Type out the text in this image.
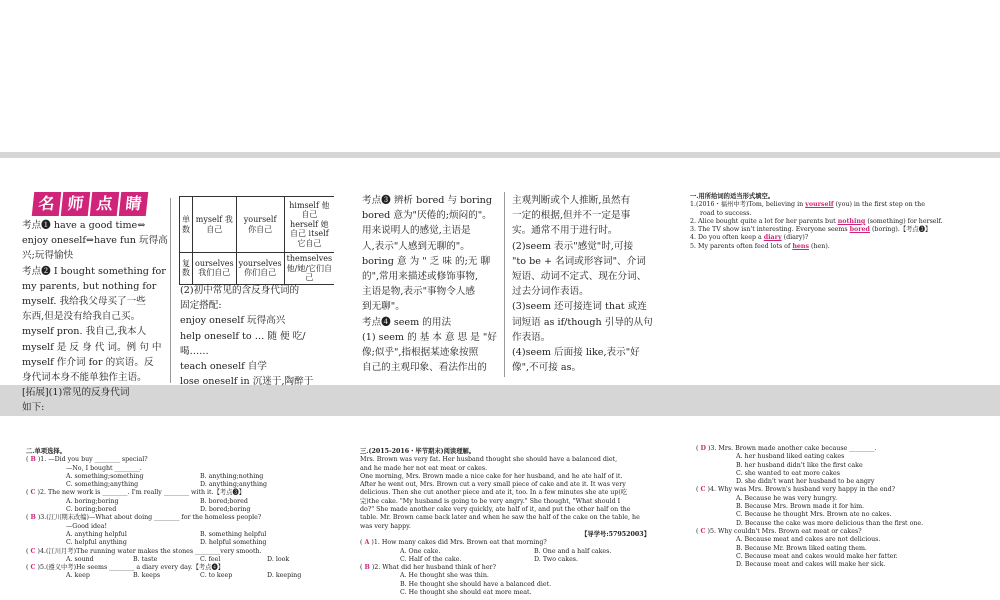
名 师 点 睛
考点❶ have a good time⇔
enjoy oneself⇔have fun 玩得高
兴;玩得愉快
考点❷ I bought something for
my parents, but nothing for
myself. 我给我父母买了一些
东西,但是没有给我自己买。
myself pron. 我自己,我本人
myself 是 反 身 代 词。例 句 中
myself 作介词 for 的宾语。反
身代词本身不能单独作主语。
[拓展](1)常见的反身代词
如下:
单数	myself 我自己	yourself 你自己	himself 他自己 herself 她自己 itself 它自己
复数	ourselves 我们自己	yourselves 你们自己	themselves 他/她/它们自己
(2)初中常见的含反身代词的
固定搭配:
enjoy oneself 玩得高兴
help oneself to … 随 便 吃/
喝……
teach oneself 自学
lose oneself in 沉迷于,陶醉于
考点❸ 辨析 bored 与 boring
bored 意为"厌倦的;烦闷的"。
用来说明人的感觉,主语是
人,表示"人感到无聊的"。
boring 意 为 " 乏 味 的;无 聊
的",常用来描述或修饰事物,
主语是物,表示"事物令人感
到无聊"。
考点❹ seem 的用法
(1) seem 的 基 本 意 思 是 "好
像;似乎",指根据某迹象按照
自己的主观印象、看法作出的
主观判断或个人推断,虽然有
一定的根据,但并不一定是事
实。通常不用于进行时。
(2)seem 表示"感觉"时,可接
"to be + 名词或形容词"、介词
短语、动词不定式、现在分词、
过去分词作表语。
(3)seem 还可接连词 that 或连
词短语 as if/though 引导的从句
作表语。
(4)seem 后面接 like,表示"好
像",不可接 as。
一.用所给词的适当形式填空。
1.(2016・福州中考)Tom, believing in yourself (you) in the first step on the
road to success.
2. Alice bought quite a lot for her parents but nothing (something) for herself.
3. The TV show isn't interesting. Everyone seems bored (boring).【考点❸】
4. Do you often keep a diary (diary)?
5. My parents often feed lots of hens (hen).
二.单项选择。
( B )1. —Did you buy ________ special?
—No, I bought ________.
A. something;something	B. anything;nothing
C. something;anything	D. anything;anything
( C )2. The new work is ________. I'm really ________ with it.【考点❸】
A. boring;boring	B. bored;bored
C. boring;bored	D. bored;boring
( B )3.(江川期末改编)—What about doing ________ for the homeless people?
—Good idea!
A. anything helpful	B. something helpful
C. helpful anything	D. helpful something
( C )4.(江川月考)The running water makes the stones ________very smooth.
A. sound	B. taste	C. feel	D. look
( C )5.(遵义中考)He seems ________ a diary every day.【考点❹】
A. keep	B. keeps	C. to keep	D. keeping
三.(2015-2016・毕节期末)阅读理解。
Mrs. Brown was very fat. Her husband thought she should have a balanced diet,
and he made her not eat meat or cakes.
One morning, Mrs. Brown made a nice cake for her husband, and he ate half of it.
After he went out, Mrs. Brown cut a very small piece of cake and ate it. It was very
delicious. Then she cut another piece and ate it, too. In a few minutes she ate up(吃
完)the cake. "My husband is going to be very angry." She thought, "What should I
do?" She made another cake very quickly, ate half of it, and put the other half on the
table. Mr. Brown came back later and when he saw the half of the cake on the table, he
was very happy.
【导学号:57952003】
( A )1. How many cakes did Mrs. Brown eat that morning?
A. One cake.	B. One and a half cakes.
C. Half of the cake.	D. Two cakes.
( B )2. What did her husband think of her?
A. He thought she was thin.
B. He thought she should have a balanced diet.
C. He thought she should eat more meat.
( D )3. Mrs. Brown made another cake because ________.
A. her husband liked eating cakes
B. her husband didn't like the first cake
C. she wanted to eat more cakes
D. she didn't want her husband to be angry
( C )4. Why was Mrs. Brown's husband very happy in the end?
A. Because he was very hungry.
B. Because Mrs. Brown made it for him.
C. Because he thought Mrs. Brown ate no cakes.
D. Because the cake was more delicious than the first one.
( C )5. Why couldn't Mrs. Brown eat meat or cakes?
A. Because meat and cakes are not delicious.
B. Because Mr. Brown liked eating them.
C. Because meat and cakes would make her fatter.
D. Because meat and cakes will make her sick.
